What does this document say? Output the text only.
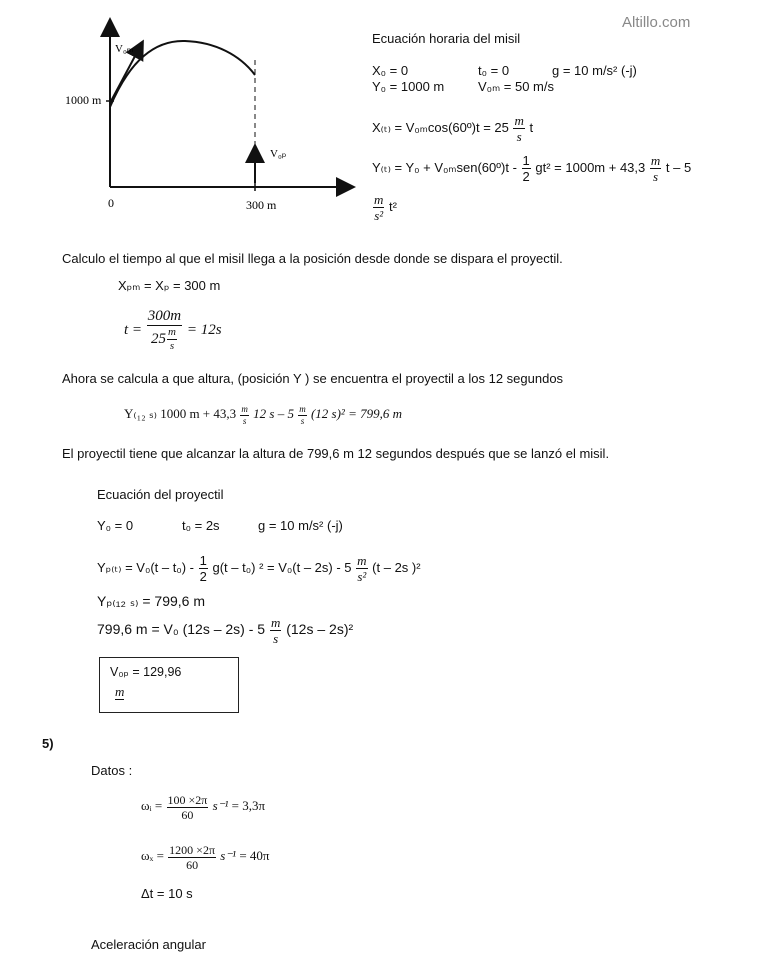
Altillo.com
V₀ₘ
1000 m
0	300 m
V₀ₚ
Ecuación horaria del misil
X₀ = 0	t₀ = 0	g = 10 m/s² (-j)
Y₀ = 1000 m	V₀ₘ = 50 m/s
X₍ₜ₎ = V₀ₘcos(60º)t = $25 \frac{m}{s}$ t
Y₍ₜ₎ = Y₀ + V₀ₘsen(60º)t - $\frac{1}{2} gt^2 = 1000m + 43,3 \frac{m}{s}$ t – 5
$\frac{m}{\text{s²}} t^2$
Calculo el tiempo al que el misil llega a la posición desde donde se dispara el proyectil.
Xₚₘ = Xₚ = 300 m
$t = \frac{300m}{25 \frac{m}{s}} = 12s$
Ahora se calcula a que altura, (posición Y ) se encuentra el proyectil a los 12 segundos
Y₍₁₂ ₛ₎ 1000 $m + 43,3 \frac{m}{s} 12$ s – $5 \frac{m}{s} (12$ s)² = 799,6 m
El proyectil tiene que alcanzar la altura de 799,6 m 12 segundos después que se lanzó el misil.
Ecuación del proyectil
Y₀ = 0	t₀ = 2s	g = 10 m/s² (-j)
$Y_{p(t)} = V_0(t - t_0) - \frac{1}{2} g(t - t_0) ^2 = V_0(t - 2s) - 5 \frac{m}{\text{s²}} (t - 2s$ )²
Yₚ₍₁₂ ₛ₎ = 799,6 m
799,6 m = V₀ $(12s - 2s) - 5 \frac{m}{s} (12s - 2s)^2$
V₀ₚ = 129,96
m
5)
Datos :
ωᵢ = $\frac{100 \times 2\pi}{60} s^{-1} = 3,3\pi$
$\omega_x = \frac{1200 \times 2\pi}{60} s^{-1} = 40\pi$
Δt = 10 s
Aceleración angular
